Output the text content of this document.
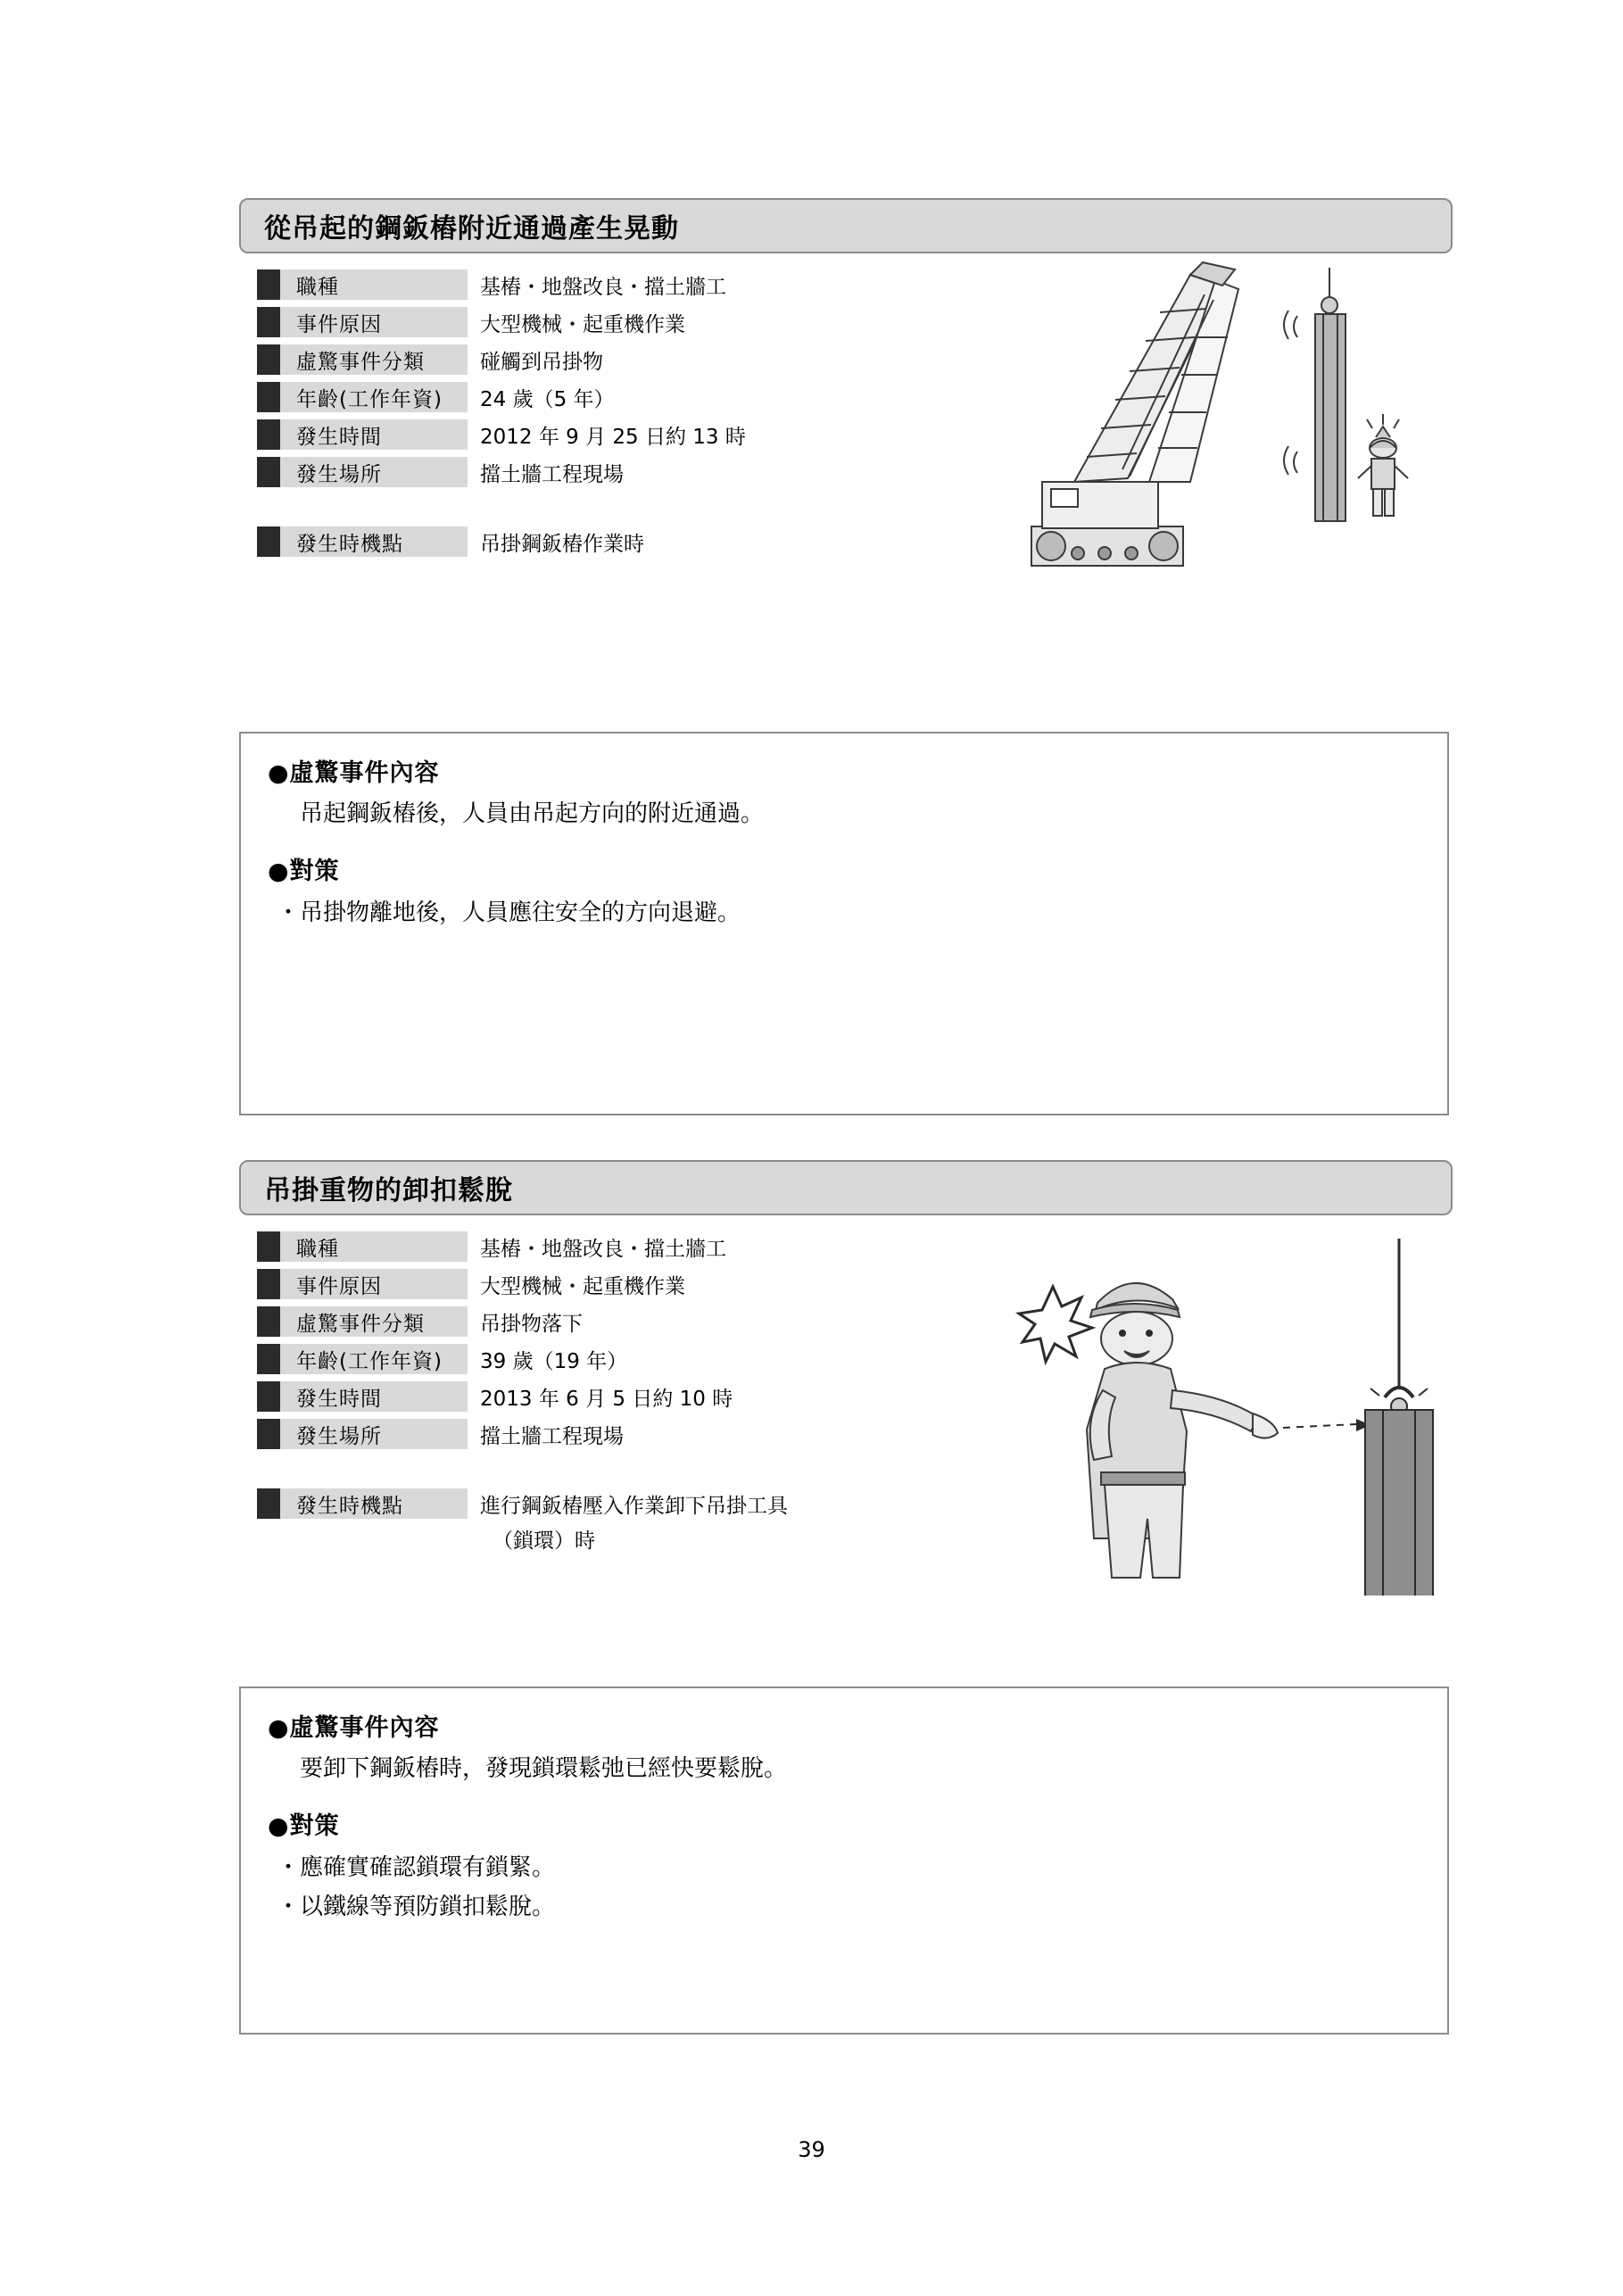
從吊起的鋼鈑樁附近通過產生晃動
職種	基樁・地盤改良・擋土牆工
事件原因	大型機械・起重機作業
虛驚事件分類	碰觸到吊掛物
年齡(工作年資)	24 歲（5 年）
發生時間	2012 年 9 月 25 日約 13 時
發生場所	擋土牆工程現場
發生時機點	吊掛鋼鈑樁作業時
●虛驚事件內容
吊起鋼鈑樁後，人員由吊起方向的附近通過。
●對策
・吊掛物離地後，人員應往安全的方向退避。
吊掛重物的卸扣鬆脫
職種	基樁・地盤改良・擋土牆工
事件原因	大型機械・起重機作業
虛驚事件分類	吊掛物落下
年齡(工作年資)	39 歲（19 年）
發生時間	2013 年 6 月 5 日約 10 時
發生場所	擋土牆工程現場
發生時機點	進行鋼鈑樁壓入作業卸下吊掛工具
（鎖環）時
●虛驚事件內容
要卸下鋼鈑樁時，發現鎖環鬆弛已經快要鬆脫。
●對策
・應確實確認鎖環有鎖緊。
・以鐵線等預防鎖扣鬆脫。
39
